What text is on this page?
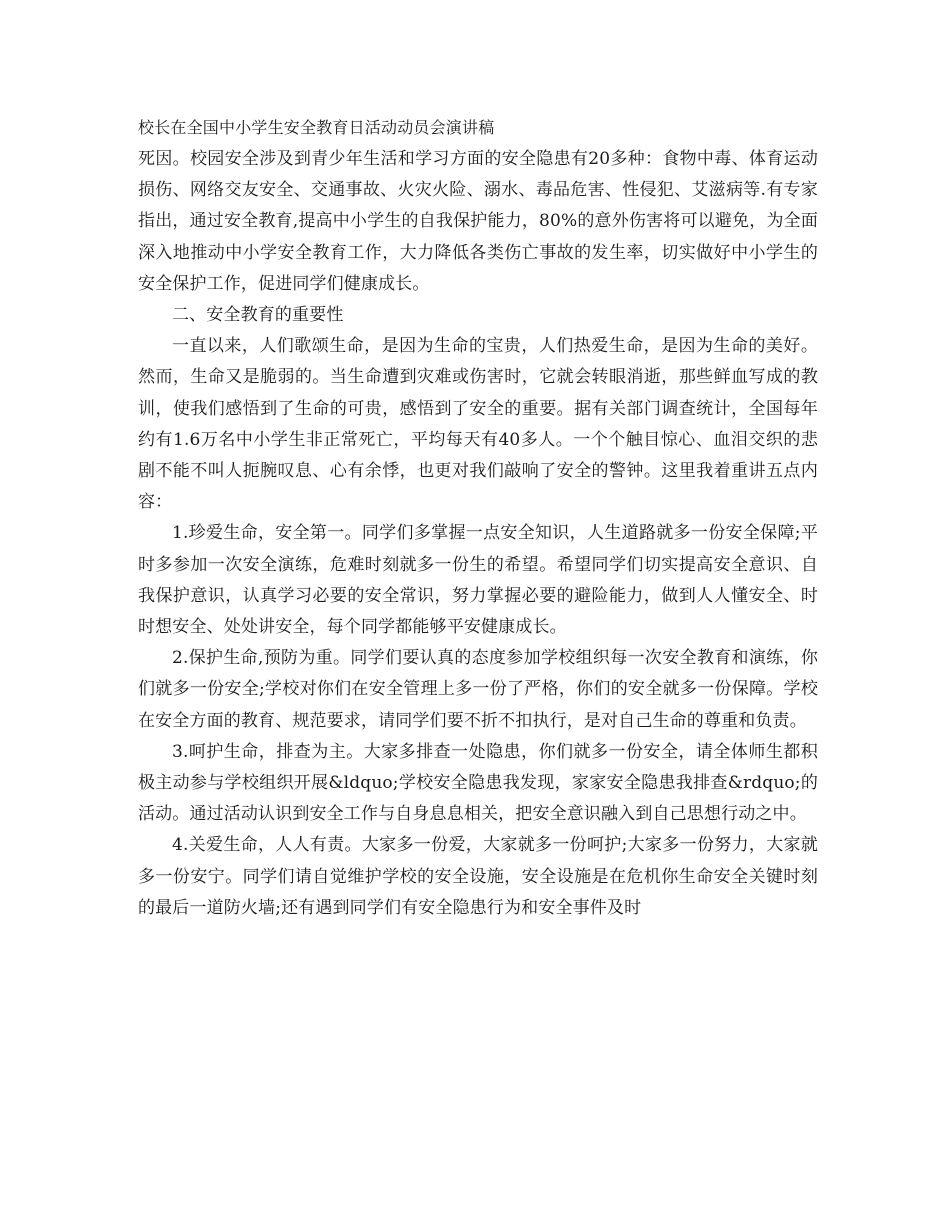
校长在全国中小学生安全教育日活动动员会演讲稿

死因。校园安全涉及到青少年生活和学习方面的安全隐患有20多种：食物中毒、体育运动损伤、网络交友安全、交通事故、火灾火险、溺水、毒品危害、性侵犯、艾滋病等.有专家指出，通过安全教育,提高中小学生的自我保护能力，80%的意外伤害将可以避免，为全面深入地推动中小学安全教育工作，大力降低各类伤亡事故的发生率，切实做好中小学生的安全保护工作，促进同学们健康成长。

二、安全教育的重要性

一直以来，人们歌颂生命，是因为生命的宝贵，人们热爱生命，是因为生命的美好。然而，生命又是脆弱的。当生命遭到灾难或伤害时，它就会转眼消逝，那些鲜血写成的教训，使我们感悟到了生命的可贵，感悟到了安全的重要。据有关部门调查统计，全国每年约有1.6万名中小学生非正常死亡，平均每天有40多人。一个个触目惊心、血泪交织的悲剧不能不叫人扼腕叹息、心有余悸，也更对我们敲响了安全的警钟。这里我着重讲五点内容：

1.珍爱生命，安全第一。同学们多掌握一点安全知识，人生道路就多一份安全保障;平时多参加一次安全演练，危难时刻就多一份生的希望。希望同学们切实提高安全意识、自我保护意识，认真学习必要的安全常识，努力掌握必要的避险能力，做到人人懂安全、时时想安全、处处讲安全，每个同学都能够平安健康成长。

2.保护生命,预防为重。同学们要认真的态度参加学校组织每一次安全教育和演练，你们就多一份安全;学校对你们在安全管理上多一份了严格，你们的安全就多一份保障。学校在安全方面的教育、规范要求，请同学们要不折不扣执行，是对自己生命的尊重和负责。

3.呵护生命，排查为主。大家多排查一处隐患，你们就多一份安全，请全体师生都积极主动参与学校组织开展&ldquo;学校安全隐患我发现，家家安全隐患我排查&rdquo;的活动。通过活动认识到安全工作与自身息息相关，把安全意识融入到自己思想行动之中。

4.关爱生命，人人有责。大家多一份爱，大家就多一份呵护;大家多一份努力，大家就多一份安宁。同学们请自觉维护学校的安全设施，安全设施是在危机你生命安全关键时刻的最后一道防火墙;还有遇到同学们有安全隐患行为和安全事件及时
